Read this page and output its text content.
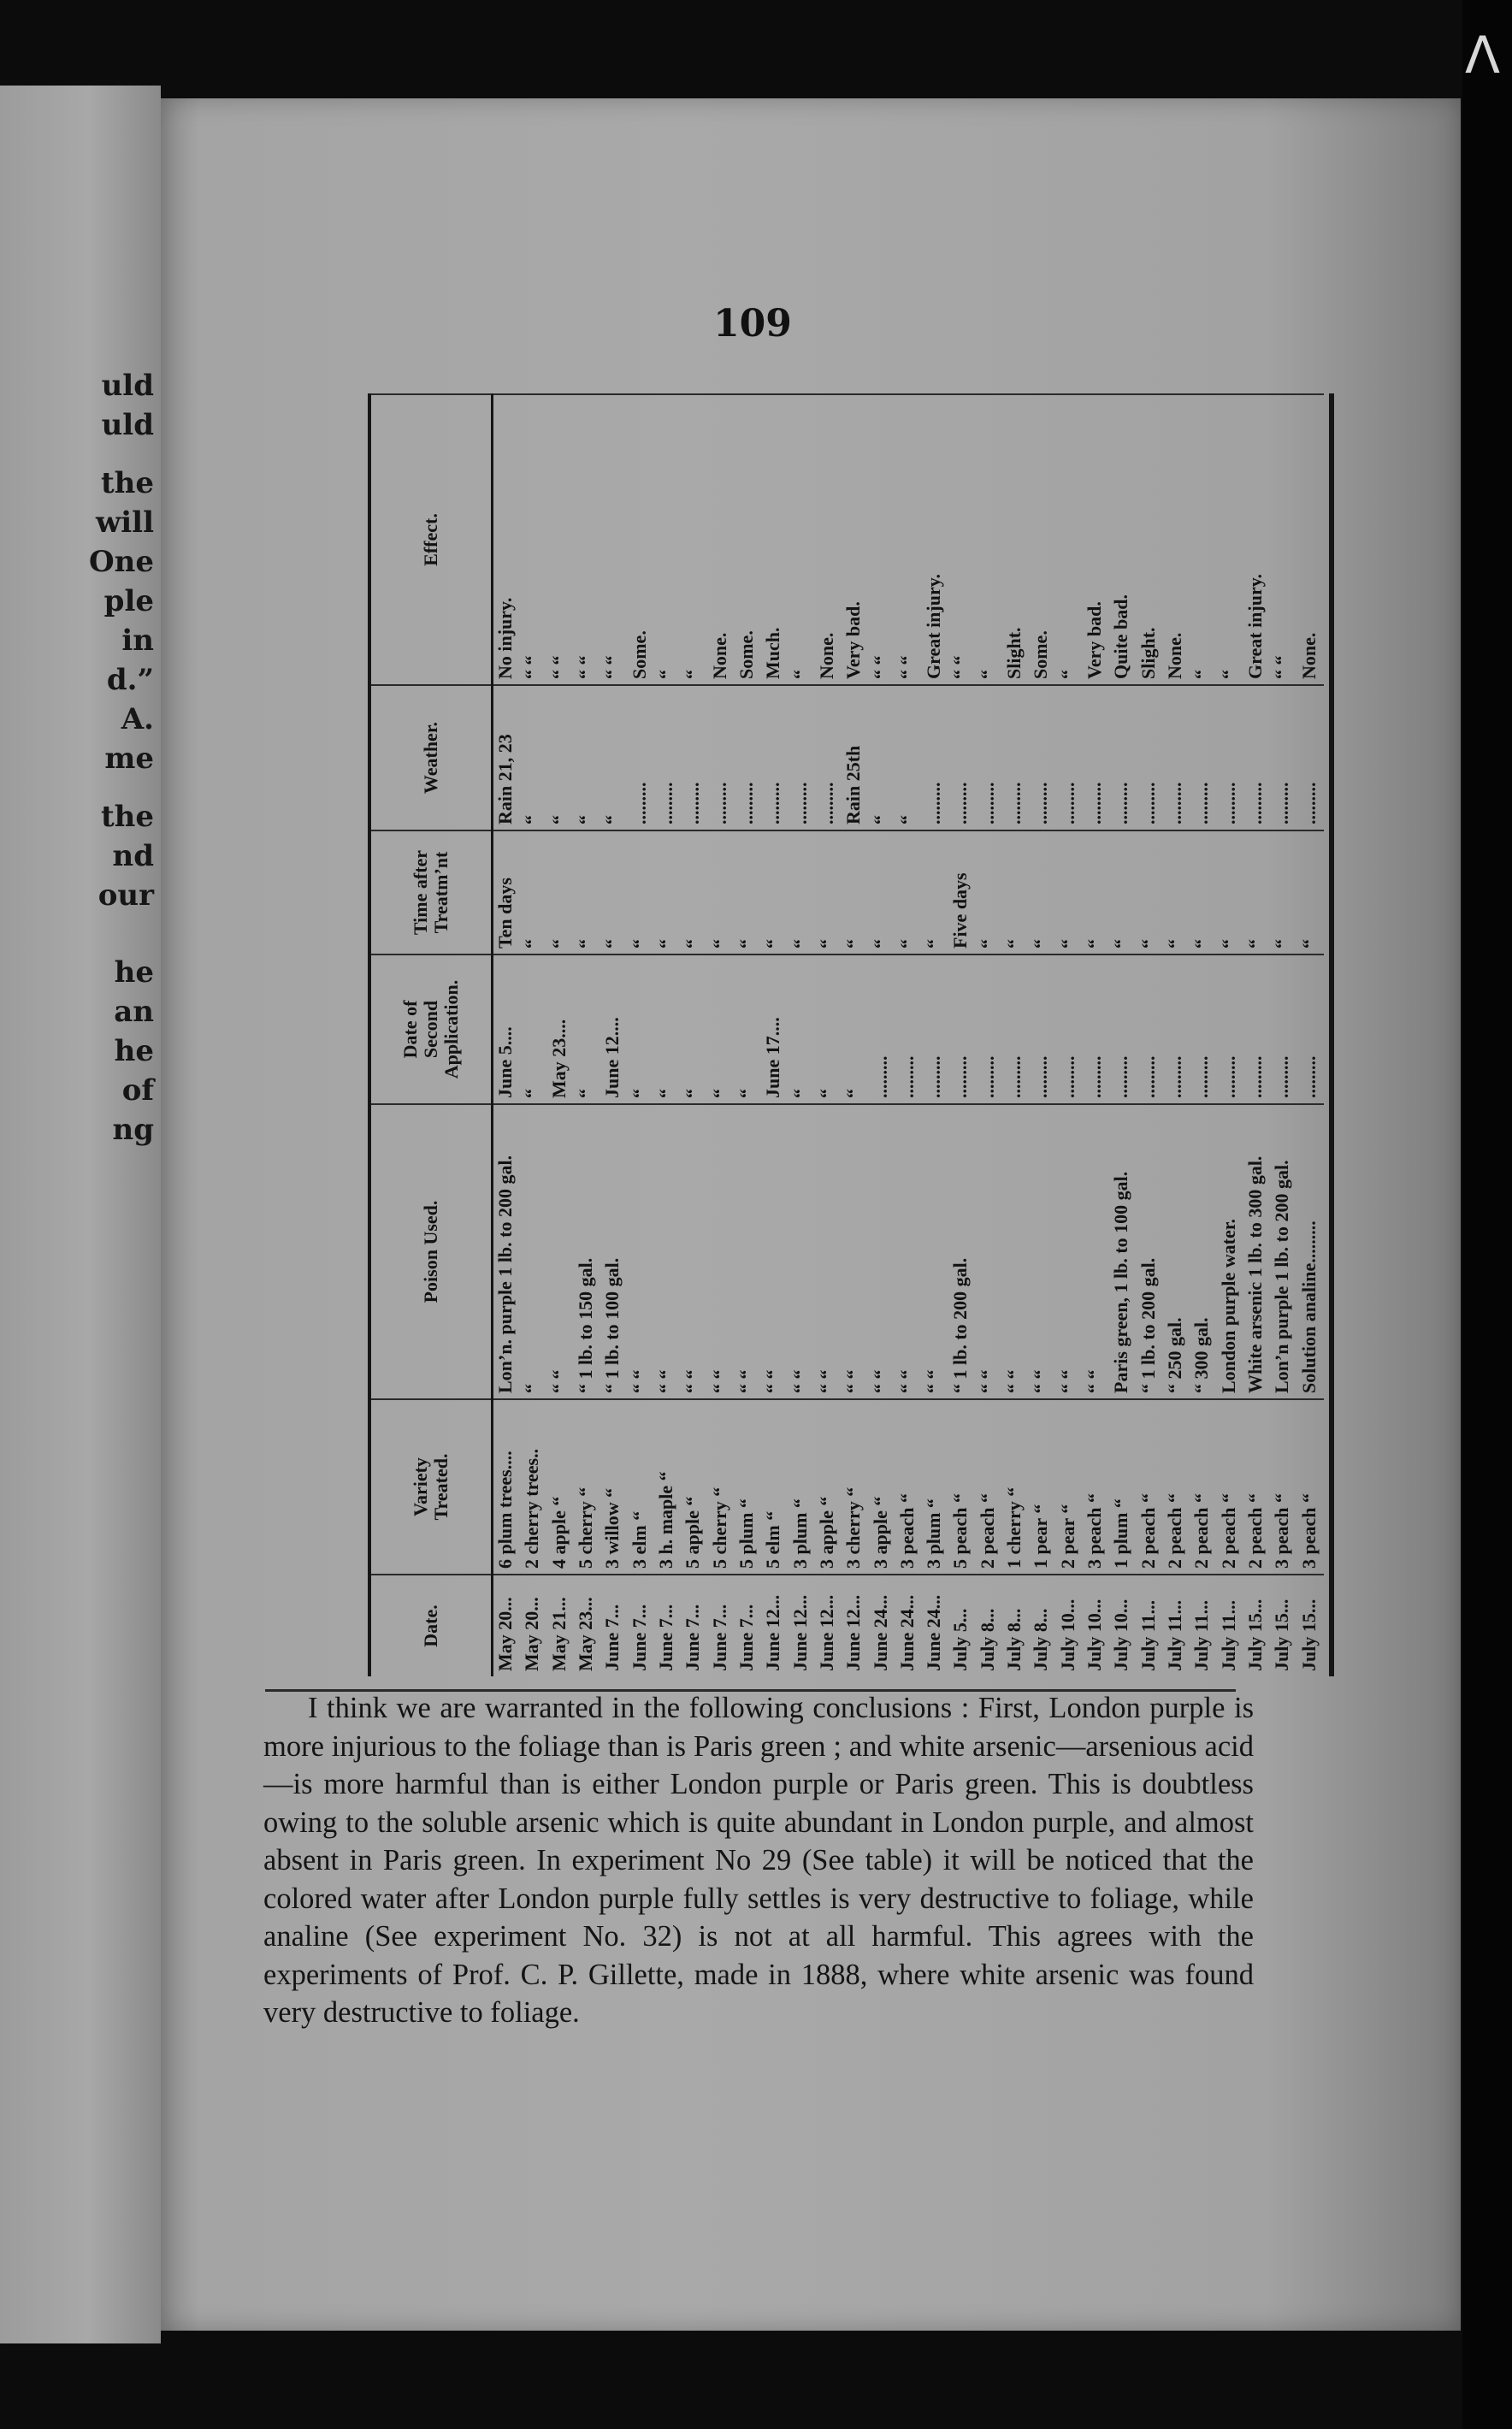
uld
uld
the
will
One
ple
in
d.”
A.
me
the
nd
our
he
an
he
of
ng
109
Date.
Variety
Treated.
Poison Used.
Date of
Second
Application.
Time after
Treatm’nt
Weather.
Effect.
May 20...
6 plum trees....
Lon’n. purple 1 lb. to 200 gal.
June 5....
Ten days
Rain 21, 23
No injury.
May 20...
2 cherry trees..
“
“
“
“
“ “
May 21...
4 apple “
“ “
May 23....
“
“
“ “
May 23...
5 cherry “
“ 1 lb. to 150 gal.
“
“
“
“ “
June 7...
3 willow “
“ 1 lb. to 100 gal.
June 12....
“
“
“ “
June 7...
3 elm “
“ “
“
“
.........
Some.
June 7...
3 h. maple “
“ “
“
“
.........
“
June 7...
5 apple “
“ “
“
“
.........
“
June 7...
5 cherry “
“ “
“
“
.........
None.
June 7...
5 plum “
“ “
“
“
.........
Some.
June 12...
5 elm “
“ “
June 17....
“
.........
Much.
June 12...
3 plum “
“ “
“
“
.........
“
June 12...
3 apple “
“ “
“
“
.........
None.
June 12...
3 cherry “
“ “
“
“
Rain 25th
Very bad.
June 24...
3 apple “
“ “
.........
“
“
“ “
June 24...
3 peach “
“ “
.........
“
“
“ “
June 24...
3 plum “
“ “
.........
“
.........
Great injury.
July 5...
5 peach “
“ 1 lb. to 200 gal.
.........
Five days
.........
“ “
July 8...
2 peach “
“ “
.........
“
.........
“
July 8...
1 cherry “
“ “
.........
“
.........
Slight.
July 8...
1 pear “
“ “
.........
“
.........
Some.
July 10...
2 pear “
“ “
.........
“
.........
“
July 10...
3 peach “
“ “
.........
“
.........
Very bad.
July 10...
1 plum “
Paris green, 1 lb. to 100 gal.
.........
“
.........
Quite bad.
July 11...
2 peach “
“ 1 lb. to 200 gal.
.........
“
.........
Slight.
July 11...
2 peach “
“ 250 gal.
.........
“
.........
None.
July 11...
2 peach “
“ 300 gal.
.........
“
.........
“
July 11...
2 peach “
London purple water.
.........
“
.........
“
July 15...
2 peach “
White arsenic 1 lb. to 300 gal.
.........
“
.........
Great injury.
July 15...
3 peach “
Lon’n purple 1 lb. to 200 gal.
.........
“
.........
“ “
July 15...
3 peach “
Solution analine.........
.........
“
.........
None.

I think we are warranted in the following conclusions : First, London purple is more injurious to the foliage than is Paris green ; and white arsenic—arsenious acid—is more harmful than is either London purple or Paris green. This is doubtless owing to the soluble arsenic which is quite abundant in London purple, and almost absent in Paris green. In experiment No 29 (See table) it will be noticed that the colored water after London purple fully settles is very destructive to foliage, while analine (See experiment No. 32) is not at all harmful. This agrees with the experiments of Prof. C. P. Gillette, made in 1888, where white arsenic was found very destructive to foliage.

Λ
